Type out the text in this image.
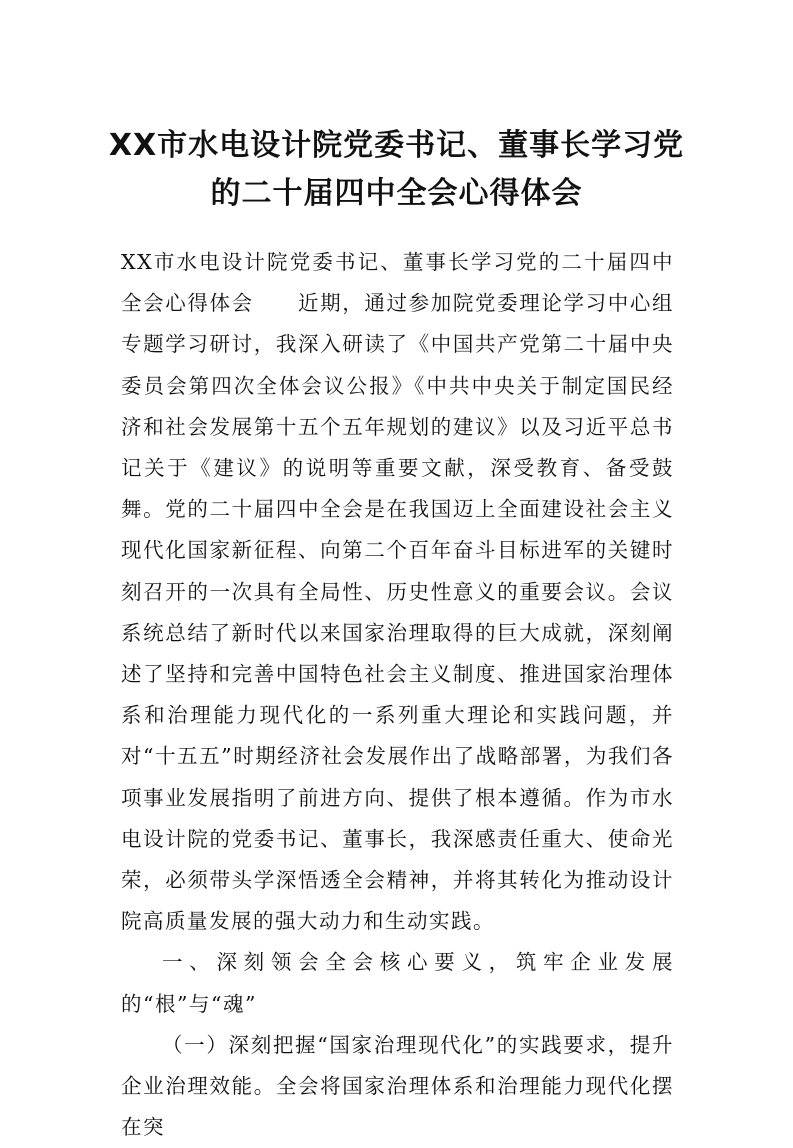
XX市水电设计院党委书记、董事长学习党
的二十届四中全会心得体会

XX市水电设计院党委书记、董事长学习党的二十届四中全会心得体会　　近期，通过参加院党委理论学习中心组专题学习研讨，我深入研读了《中国共产党第二十届中央委员会第四次全体会议公报》《中共中央关于制定国民经济和社会发展第十五个五年规划的建议》以及习近平总书记关于《建议》的说明等重要文献，深受教育、备受鼓舞。党的二十届四中全会是在我国迈上全面建设社会主义现代化国家新征程、向第二个百年奋斗目标进军的关键时刻召开的一次具有全局性、历史性意义的重要会议。会议系统总结了新时代以来国家治理取得的巨大成就，深刻阐述了坚持和完善中国特色社会主义制度、推进国家治理体系和治理能力现代化的一系列重大理论和实践问题，并对“十五五”时期经济社会发展作出了战略部署，为我们各项事业发展指明了前进方向、提供了根本遵循。作为市水电设计院的党委书记、董事长，我深感责任重大、使命光荣，必须带头学深悟透全会精神，并将其转化为推动设计院高质量发展的强大动力和生动实践。

一、深刻领会全会核心要义，筑牢企业发展的“根”与“魂”

（一）深刻把握“国家治理现代化”的实践要求，提升企业治理效能。全会将国家治理体系和治理能力现代化摆在突
